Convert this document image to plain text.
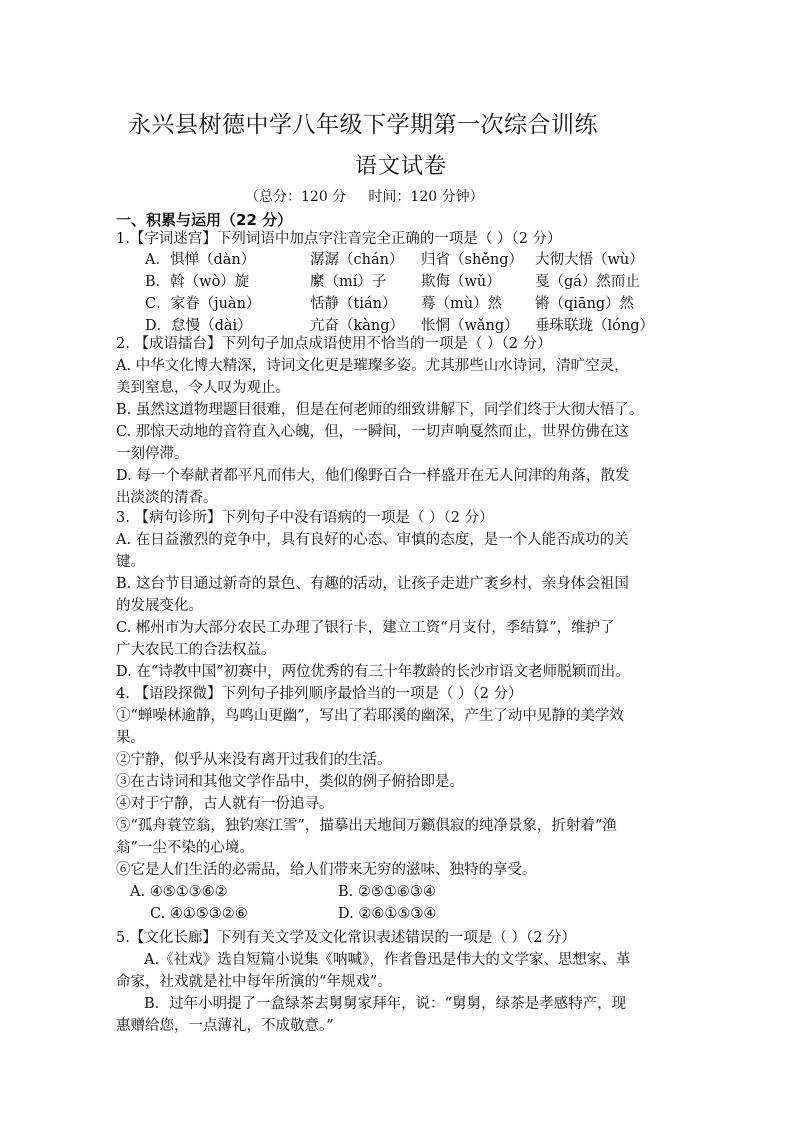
永兴县树德中学八年级下学期第一次综合训练
语文试卷
（总分：120 分     时间：120 分钟）
一、积累与运用（22 分）
1.【字词迷宫】下列词语中加点字注音完全正确的一项是（ ）（2 分）
A．惧惮（dàn）	潺潺（chán） 归省（shěng） 大彻大悟（wù）
B．斡（wò）旋	縻（mí）子 欺侮（wǔ） 戛（gá）然而止
C．家眷（juàn）	恬静（tián） 蓦（mù）然 锵（qiāng）然
D．怠慢（dài）	亢奋（kàng） 怅惘（wǎng） 垂珠联珑（lóng）
2. 【成语擂台】下列句子加点成语使用不恰当的一项是（ ）（2 分）
A. 中华文化博大精深，诗词文化更是璀璨多姿。尤其那些山水诗词，清旷空灵，
美到窒息，令人叹为观止。
B. 虽然这道物理题目很难，但是在何老师的细致讲解下，同学们终于大彻大悟了。
C. 那惊天动地的音符直入心魄，但，一瞬间，一切声响戛然而止，世界仿佛在这
一刻停滞。
D. 每一个奉献者都平凡而伟大，他们像野百合一样盛开在无人问津的角落，散发
出淡淡的清香。
3. 【病句诊所】下列句子中没有语病的一项是（ ）（2 分）
A. 在日益激烈的竞争中，具有良好的心态、审慎的态度，是一个人能否成功的关
键。
B. 这台节目通过新奇的景色、有趣的活动，让孩子走进广袤乡村，亲身体会祖国
的发展变化。
C. 郴州市为大部分农民工办理了银行卡，建立工资“月支付，季结算”，维护了
广大农民工的合法权益。
D. 在“诗教中国”初赛中，两位优秀的有三十年教龄的长沙市语文老师脱颖而出。
4. 【语段探微】下列句子排列顺序最恰当的一项是（ ）（2 分）
①“蝉噪林逾静，鸟鸣山更幽”，写出了若耶溪的幽深，产生了动中见静的美学效
果。
②宁静，似乎从来没有离开过我们的生活。
③在古诗词和其他文学作品中，类似的例子俯拾即是。
④对于宁静，古人就有一份追寻。
⑤“孤舟蓑笠翁，独钓寒江雪”，描摹出天地间万籁俱寂的纯净景象，折射着“渔
翁”一尘不染的心境。
⑥它是人们生活的必需品，给人们带来无穷的滋味、独特的享受。
A. ④⑤①③⑥②	B. ②⑤①⑥③④
C. ④①⑤③②⑥	D. ②⑥①⑤③④
5.【文化长廊】下列有关文学及文化常识表述错误的一项是（ ）（2 分）
A.《社戏》选自短篇小说集《呐喊》，作者鲁迅是伟大的文学家、思想家、革
命家，社戏就是社中每年所演的“年规戏”。
B．过年小明提了一盒绿茶去舅舅家拜年，说：“舅舅，绿茶是孝感特产，现
惠赠给您，一点薄礼，不成敬意。”
